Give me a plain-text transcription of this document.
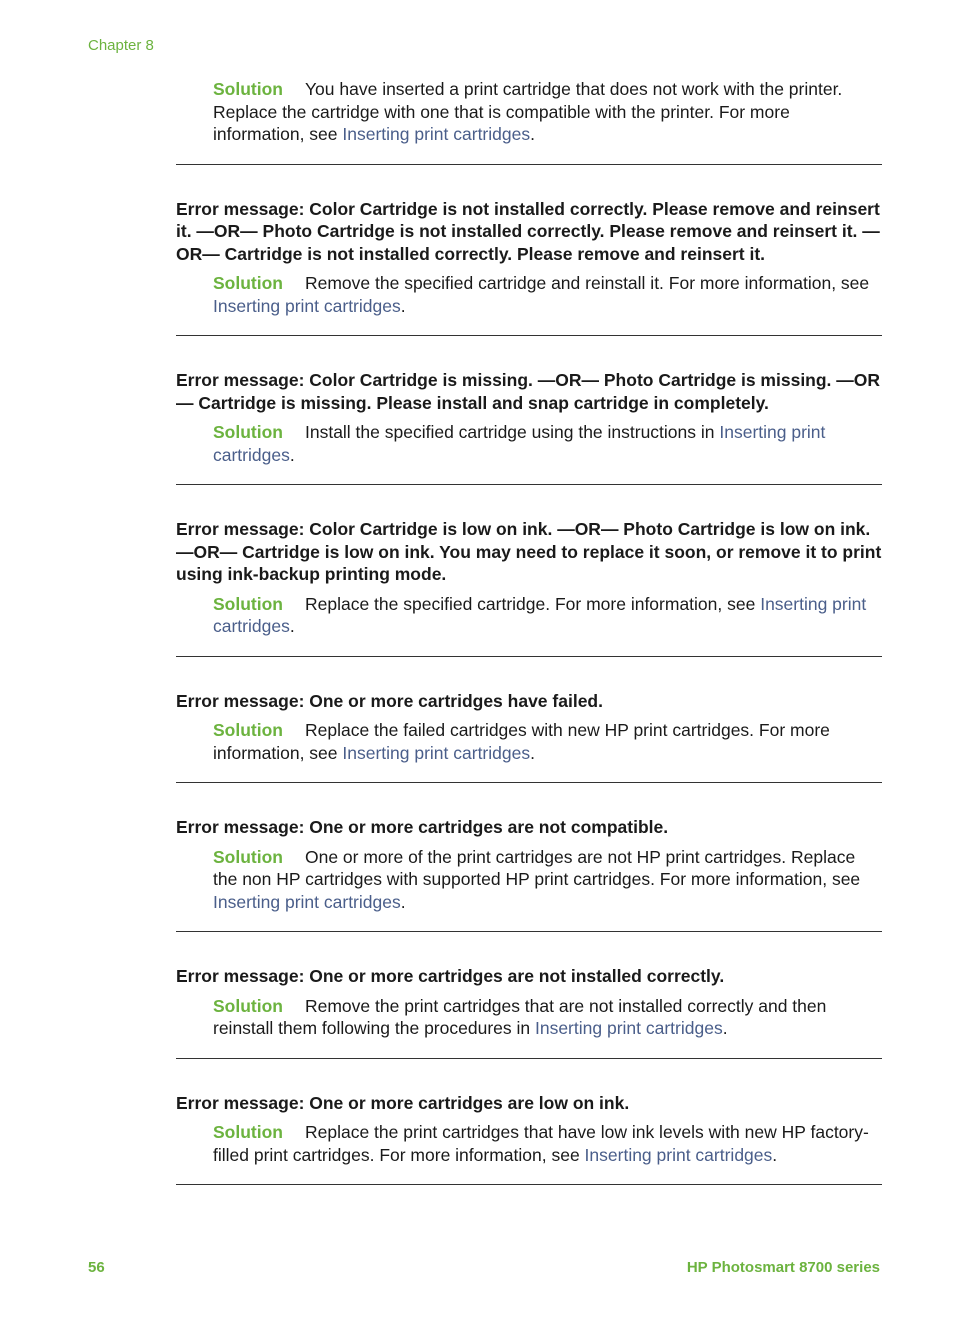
Chapter 8

Solution You have inserted a print cartridge that does not work with the printer. Replace the cartridge with one that is compatible with the printer. For more information, see Inserting print cartridges.

Error message: Color Cartridge is not installed correctly. Please remove and reinsert it. —OR— Photo Cartridge is not installed correctly. Please remove and reinsert it. —OR— Cartridge is not installed correctly. Please remove and reinsert it.

Solution Remove the specified cartridge and reinstall it. For more information, see Inserting print cartridges.

Error message: Color Cartridge is missing. —OR— Photo Cartridge is missing. —OR— Cartridge is missing. Please install and snap cartridge in completely.

Solution Install the specified cartridge using the instructions in Inserting print cartridges.

Error message: Color Cartridge is low on ink. —OR— Photo Cartridge is low on ink. —OR— Cartridge is low on ink. You may need to replace it soon, or remove it to print using ink-backup printing mode.

Solution Replace the specified cartridge. For more information, see Inserting print cartridges.

Error message: One or more cartridges have failed.

Solution Replace the failed cartridges with new HP print cartridges. For more information, see Inserting print cartridges.

Error message: One or more cartridges are not compatible.

Solution One or more of the print cartridges are not HP print cartridges. Replace the non HP cartridges with supported HP print cartridges. For more information, see Inserting print cartridges.

Error message: One or more cartridges are not installed correctly.

Solution Remove the print cartridges that are not installed correctly and then reinstall them following the procedures in Inserting print cartridges.

Error message: One or more cartridges are low on ink.

Solution Replace the print cartridges that have low ink levels with new HP factory-filled print cartridges. For more information, see Inserting print cartridges.

56	HP Photosmart 8700 series
